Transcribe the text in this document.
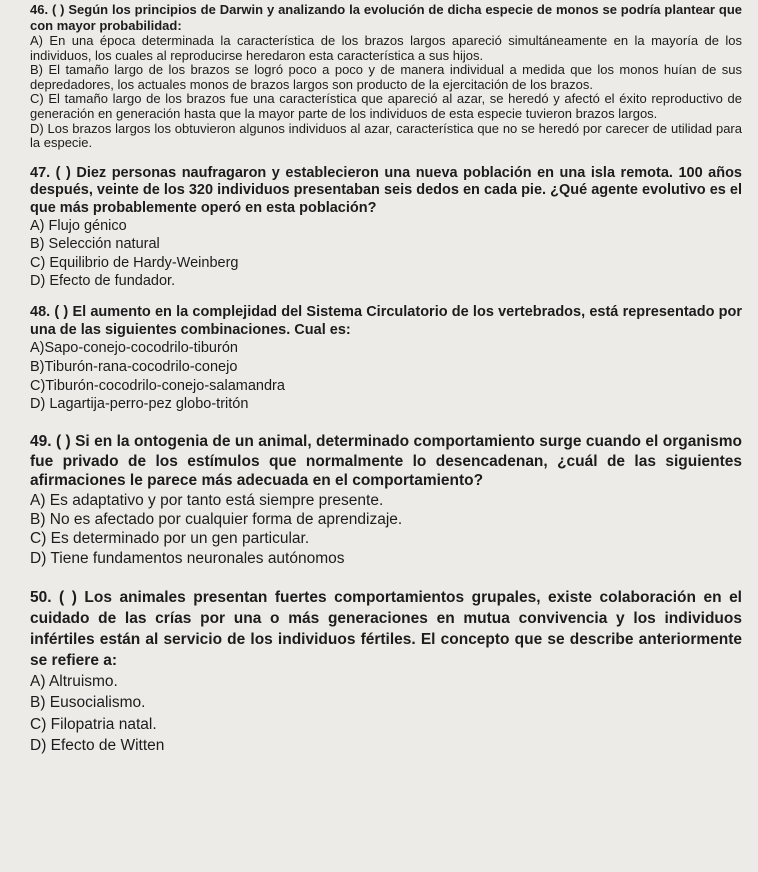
46. ( ) Según los principios de Darwin y analizando la evolución de dicha especie de monos se podría plantear que con mayor probabilidad:

A) En una época determinada la característica de los brazos largos apareció simultáneamente en la mayoría de los individuos, los cuales al reproducirse heredaron esta característica a sus hijos.

B) El tamaño largo de los brazos se logró poco a poco y de manera individual a medida que los monos huían de sus depredadores, los actuales monos de brazos largos son producto de la ejercitación de los brazos.

C) El tamaño largo de los brazos fue una característica que apareció al azar, se heredó y afectó el éxito reproductivo de generación en generación hasta que la mayor parte de los individuos de esta especie tuvieron brazos largos.

D) Los brazos largos los obtuvieron algunos individuos al azar, característica que no se heredó por carecer de utilidad para la especie.

47. ( ) Diez personas naufragaron y establecieron una nueva población en una isla remota. 100 años después, veinte de los 320 individuos presentaban seis dedos en cada pie. ¿Qué agente evolutivo es el que más probablemente operó en esta población?

A) Flujo génico

B) Selección natural

C) Equilibrio de Hardy-Weinberg

D) Efecto de fundador.

48. ( ) El aumento en la complejidad del Sistema Circulatorio de los vertebrados, está representado por una de las siguientes combinaciones. Cual es:

A)Sapo-conejo-cocodrilo-tiburón

B)Tiburón-rana-cocodrilo-conejo

C)Tiburón-cocodrilo-conejo-salamandra

D) Lagartija-perro-pez globo-tritón

49. ( ) Si en la ontogenia de un animal, determinado comportamiento surge cuando el organismo fue privado de los estímulos que normalmente lo desencadenan, ¿cuál de las siguientes afirmaciones le parece más adecuada en el comportamiento?

A) Es adaptativo y por tanto está siempre presente.

B) No es afectado por cualquier forma de aprendizaje.

C) Es determinado por un gen particular.

D) Tiene fundamentos neuronales autónomos

50. ( ) Los animales presentan fuertes comportamientos grupales, existe colaboración en el cuidado de las crías por una o más generaciones en mutua convivencia y los individuos infértiles están al servicio de los individuos fértiles. El concepto que se describe anteriormente se refiere a:

A) Altruismo.

B) Eusocialismo.

C) Filopatria natal.

D) Efecto de Witten
